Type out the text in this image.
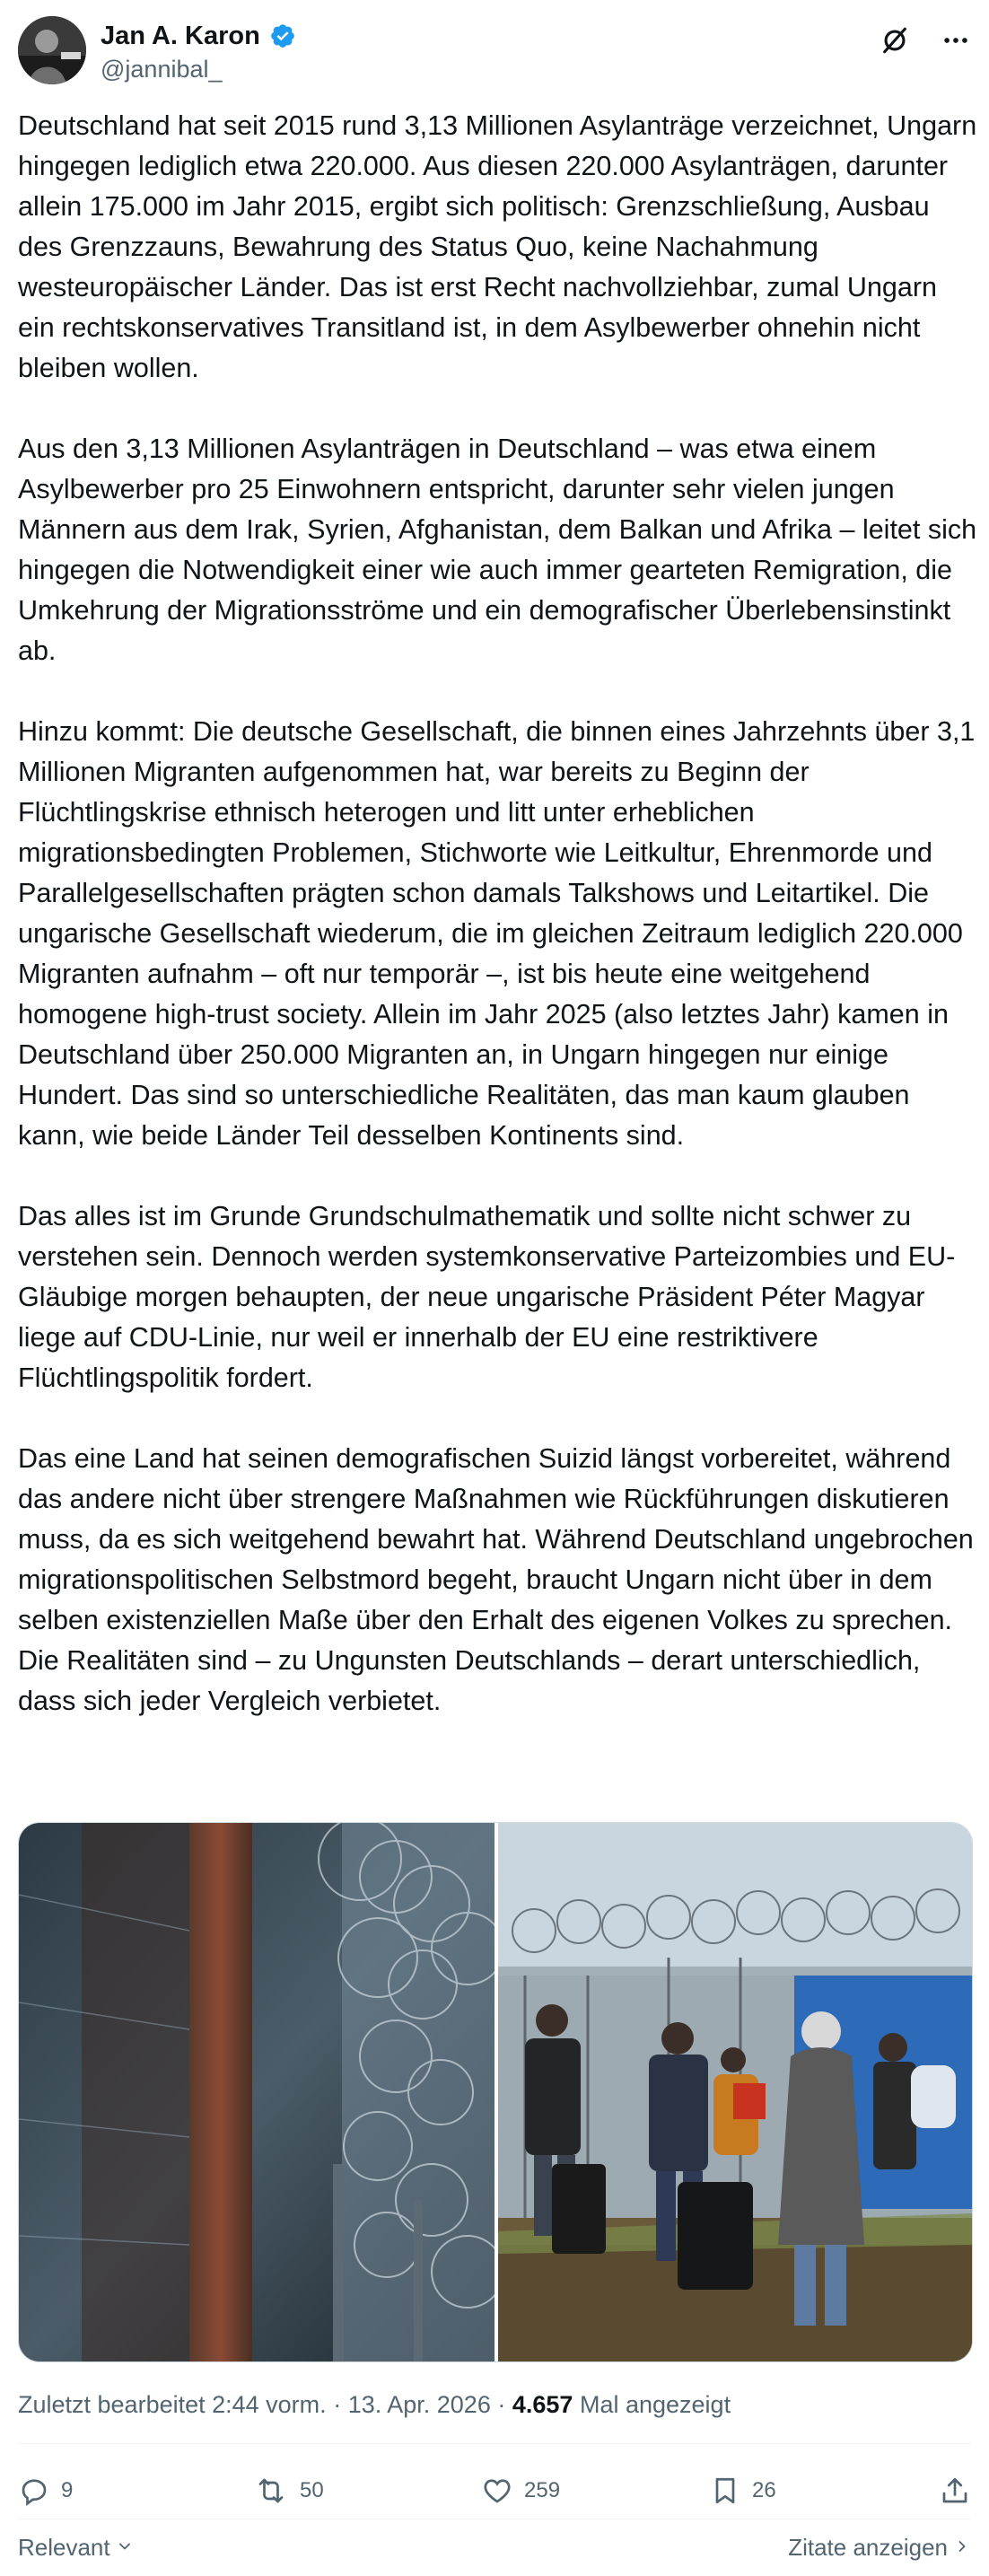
Jan A. Karon
@jannibal_

Deutschland hat seit 2015 rund 3,13 Millionen Asylanträge verzeichnet, Ungarn hingegen lediglich etwa 220.000. Aus diesen 220.000 Asylanträgen, darunter allein 175.000 im Jahr 2015, ergibt sich politisch: Grenzschließung, Ausbau des Grenzzauns, Bewahrung des Status Quo, keine Nachahmung westeuropäischer Länder. Das ist erst Recht nachvollziehbar, zumal Ungarn ein rechtskonservatives Transitland ist, in dem Asylbewerber ohnehin nicht bleiben wollen.

Aus den 3,13 Millionen Asylanträgen in Deutschland – was etwa einem Asylbewerber pro 25 Einwohnern entspricht, darunter sehr vielen jungen Männern aus dem Irak, Syrien, Afghanistan, dem Balkan und Afrika – leitet sich hingegen die Notwendigkeit einer wie auch immer gearteten Remigration, die Umkehrung der Migrationsströme und ein demografischer Überlebensinstinkt ab.

Hinzu kommt: Die deutsche Gesellschaft, die binnen eines Jahrzehnts über 3,1 Millionen Migranten aufgenommen hat, war bereits zu Beginn der Flüchtlingskrise ethnisch heterogen und litt unter erheblichen migrationsbedingten Problemen, Stichworte wie Leitkultur, Ehrenmorde und Parallelgesellschaften prägten schon damals Talkshows und Leitartikel. Die ungarische Gesellschaft wiederum, die im gleichen Zeitraum lediglich 220.000 Migranten aufnahm – oft nur temporär –, ist bis heute eine weitgehend homogene high-trust society. Allein im Jahr 2025 (also letztes Jahr) kamen in Deutschland über 250.000 Migranten an, in Ungarn hingegen nur einige Hundert. Das sind so unterschiedliche Realitäten, das man kaum glauben kann, wie beide Länder Teil desselben Kontinents sind.

Das alles ist im Grunde Grundschulmathematik und sollte nicht schwer zu verstehen sein. Dennoch werden systemkonservative Parteizombies und EU-Gläubige morgen behaupten, der neue ungarische Präsident Péter Magyar liege auf CDU-Linie, nur weil er innerhalb der EU eine restriktivere Flüchtlingspolitik fordert.

Das eine Land hat seinen demografischen Suizid längst vorbereitet, während das andere nicht über strengere Maßnahmen wie Rückführungen diskutieren muss, da es sich weitgehend bewahrt hat. Während Deutschland ungebrochen migrationspolitischen Selbstmord begeht, braucht Ungarn nicht über in dem selben existenziellen Maße über den Erhalt des eigenen Volkes zu sprechen. Die Realitäten sind – zu Ungunsten Deutschlands – derart unterschiedlich, dass sich jeder Vergleich verbietet.

Zuletzt bearbeitet 2:44 vorm. · 13. Apr. 2026 · 4.657 Mal angezeigt
9	50	259	26
Relevant	Zitate anzeigen
